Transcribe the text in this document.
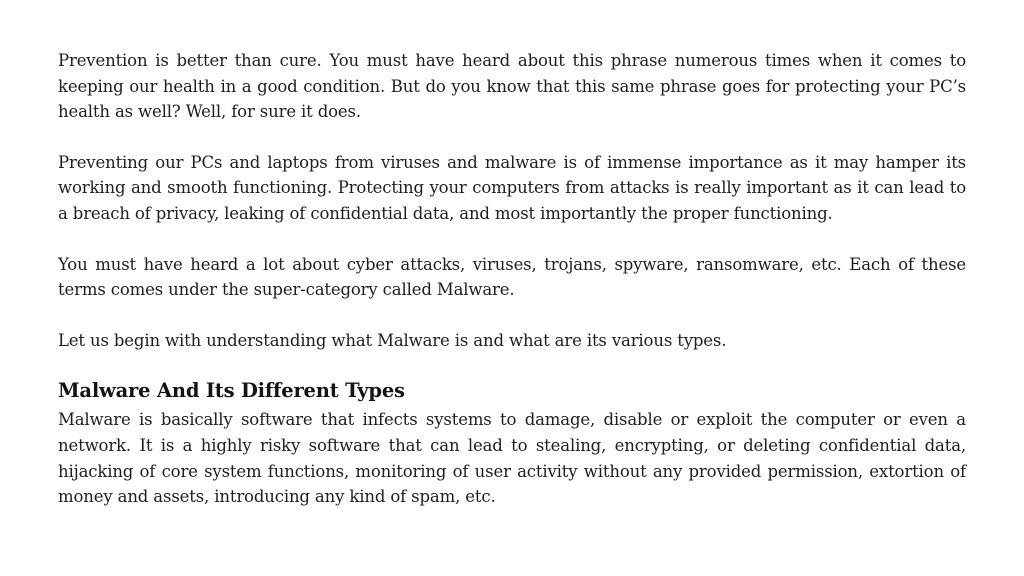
Prevention is better than cure. You must have heard about this phrase numerous times when it comes to keeping our health in a good condition. But do you know that this same phrase goes for protecting your PC’s health as well? Well, for sure it does.

Preventing our PCs and laptops from viruses and malware is of immense importance as it may hamper its working and smooth functioning. Protecting your computers from attacks is really important as it can lead to a breach of privacy, leaking of confidential data, and most importantly the proper functioning.

You must have heard a lot about cyber attacks, viruses, trojans, spyware, ransomware, etc. Each of these terms comes under the super-category called Malware.

Let us begin with understanding what Malware is and what are its various types.

Malware And Its Different Types

Malware is basically software that infects systems to damage, disable or exploit the computer or even a network. It is a highly risky software that can lead to stealing, encrypting, or deleting confidential data, hijacking of core system functions, monitoring of user activity without any provided permission, extortion of money and assets, introducing any kind of spam, etc.
